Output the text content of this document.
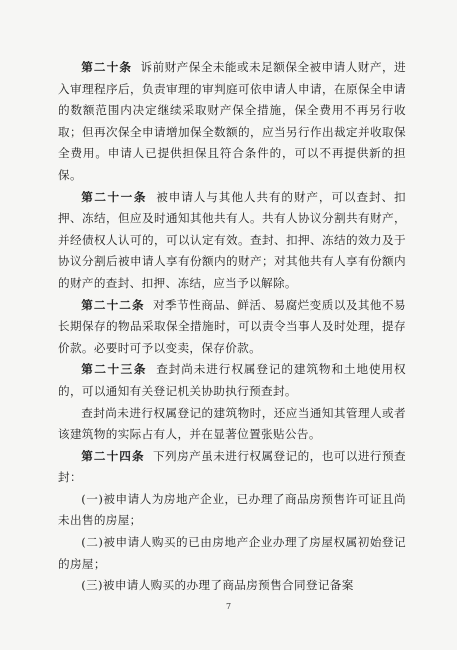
第二十条 诉前财产保全未能或未足额保全被申请人财产，进入审理程序后，负责审理的审判庭可依申请人申请，在原保全申请的数额范围内决定继续采取财产保全措施，保全费用不再另行收取；但再次保全申请增加保全数额的，应当另行作出裁定并收取保全费用。申请人已提供担保且符合条件的，可以不再提供新的担保。

第二十一条 被申请人与其他人共有的财产，可以查封、扣押、冻结，但应及时通知其他共有人。共有人协议分割共有财产，并经债权人认可的，可以认定有效。查封、扣押、冻结的效力及于协议分割后被申请人享有份额内的财产；对其他共有人享有份额内的财产的查封、扣押、冻结，应当予以解除。

第二十二条 对季节性商品、鲜活、易腐烂变质以及其他不易长期保存的物品采取保全措施时，可以责令当事人及时处理，提存价款。必要时可予以变卖，保存价款。

第二十三条 查封尚未进行权属登记的建筑物和土地使用权的，可以通知有关登记机关协助执行预查封。

查封尚未进行权属登记的建筑物时，还应当通知其管理人或者该建筑物的实际占有人，并在显著位置张贴公告。

第二十四条 下列房产虽未进行权属登记的，也可以进行预查封：

(一)被申请人为房地产企业，已办理了商品房预售许可证且尚未出售的房屋；

(二)被申请人购买的已由房地产企业办理了房屋权属初始登记的房屋；

(三)被申请人购买的办理了商品房预售合同登记备案

7
